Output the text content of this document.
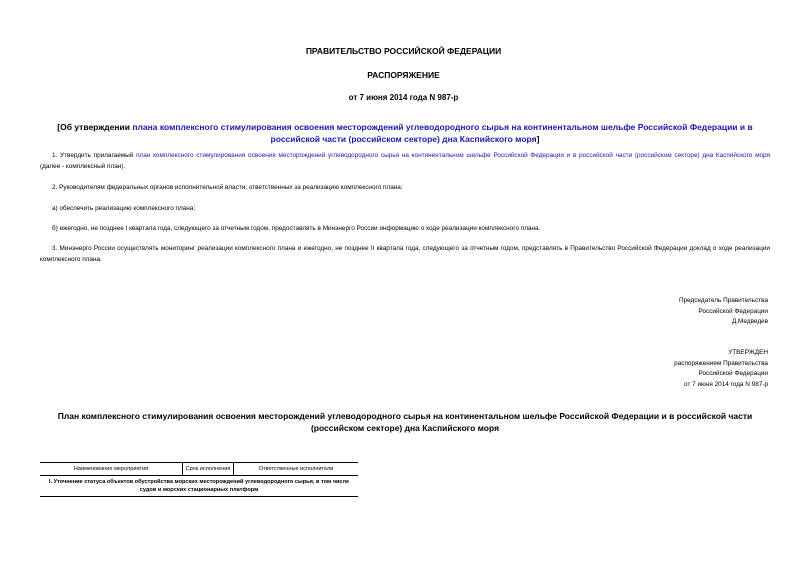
ПРАВИТЕЛЬСТВО РОССИЙСКОЙ ФЕДЕРАЦИИ
РАСПОРЯЖЕНИЕ
от 7 июня 2014 года N 987-р
[Об утверждении плана комплексного стимулирования освоения месторождений углеводородного сырья на континентальном шельфе Российской Федерации и в российской части (российском секторе) дна Каспийского моря]
1. Утвердить прилагаемый план комплексного стимулирования освоения месторождений углеводородного сырья на континентальном шельфе Российской Федерации и в российской части (российском секторе) дна Каспийского моря (далее - комплексный план).
2. Руководителям федеральных органов исполнительной власти, ответственных за реализацию комплексного плана:
а) обеспечить реализацию комплексного плана;
б) ежегодно, не позднее I квартала года, следующего за отчетным годом, предоставлять в Минэнерго России информацию о ходе реализации комплексного плана.
3. Минэнерго России осуществлять мониторинг реализации комплексного плана и ежегодно, не позднее II квартала года, следующего за отчетным годом, представлять в Правительство Российской Федерации доклад о ходе реализации комплексного плана.
Председатель Правительства
Российской Федерации
Д.Медведев
УТВЕРЖДЕН
распоряжением Правительства
Российской Федерации
от 7 июня 2014 года N 987-р
План комплексного стимулирования освоения месторождений углеводородного сырья на континентальном шельфе Российской Федерации и в российской части (российском секторе) дна Каспийского моря
Наименование мероприятия	Срок исполнения	Ответственные исполнители
I. Уточнение статуса объектов обустройства морских месторождений углеводородного сырья, в том числе судов и морских стационарных платформ
